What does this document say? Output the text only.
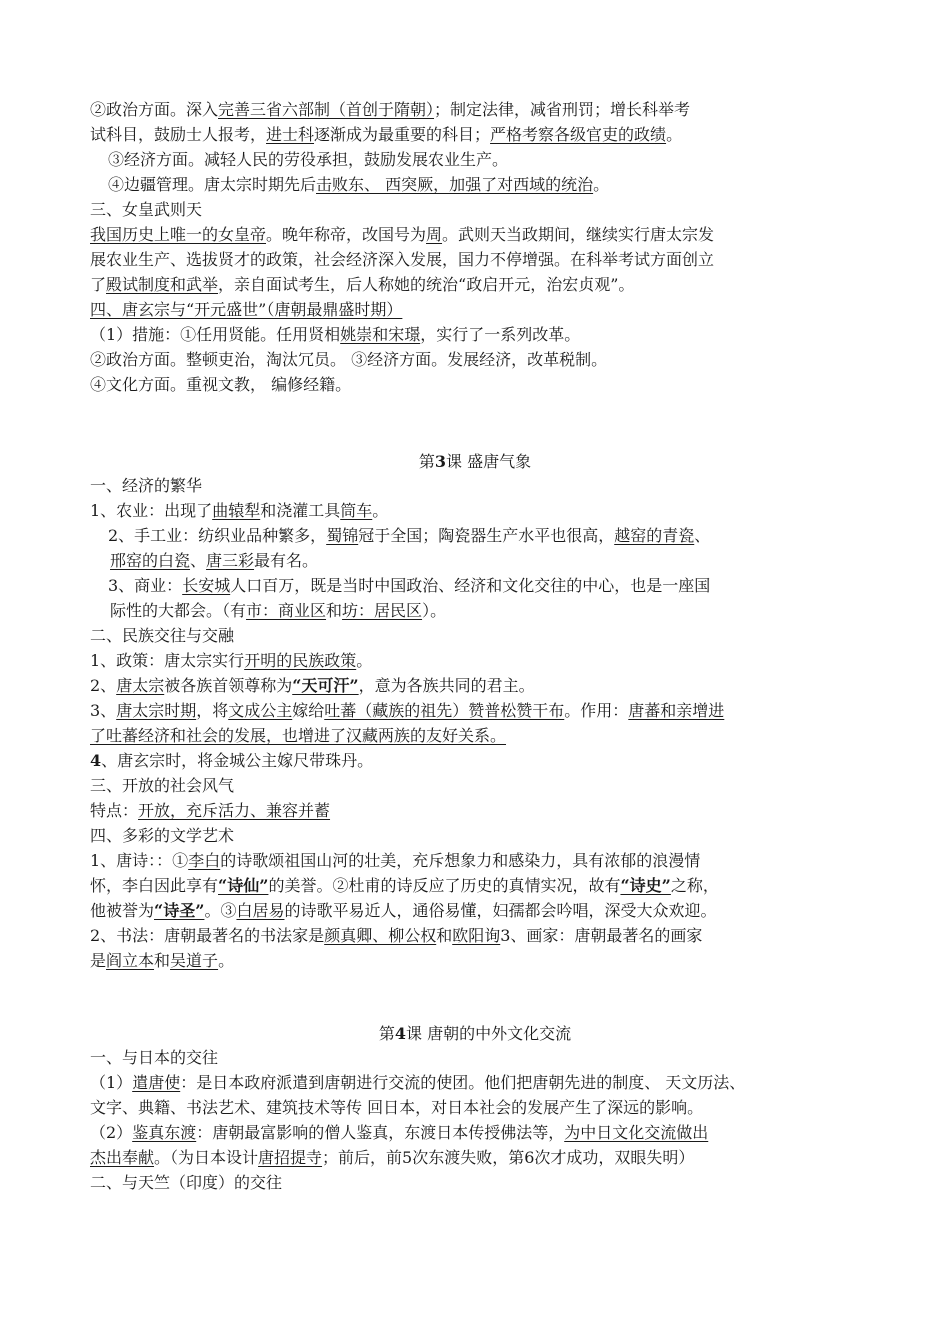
②政治方面。深入完善三省六部制（首创于隋朝）；制定法律，减省刑罚；增长科举考
试科目，鼓励士人报考，进士科逐渐成为最重要的科目；严格考察各级官吏的政绩。
③经济方面。减轻人民的劳役承担，鼓励发展农业生产。
④边疆管理。唐太宗时期先后击败东、 西突厥，加强了对西域的统治。
三、女皇武则天
我国历史上唯一的女皇帝。晚年称帝，改国号为周。武则天当政期间，继续实行唐太宗发
展农业生产、选拔贤才的政策，社会经济深入发展，国力不停增强。在科举考试方面创立
了殿试制度和武举，亲自面试考生，后人称她的统治“政启开元，治宏贞观”。
四、唐玄宗与“开元盛世”（唐朝最鼎盛时期）
（1）措施：①任用贤能。任用贤相姚崇和宋璟，实行了一系列改革。
②政治方面。整顿吏治，淘汰冗员。 ③经济方面。发展经济，改革税制。
④文化方面。重视文教， 编修经籍。
第3课 盛唐气象
一、经济的繁华
1、农业：出现了曲辕犁和浇灌工具筒车。
2、手工业：纺织业品种繁多，蜀锦冠于全国；陶瓷器生产水平也很高，越窑的青瓷、
邢窑的白瓷、唐三彩最有名。
3、商业：长安城人口百万，既是当时中国政治、经济和文化交往的中心，也是一座国
际性的大都会。（有市：商业区和坊：居民区）。
二、民族交往与交融
1、政策：唐太宗实行开明的民族政策。
2、唐太宗被各族首领尊称为“天可汗”，意为各族共同的君主。
3、唐太宗时期，将文成公主嫁给吐蕃（藏族的祖先）赞普松赞干布。作用：唐蕃和亲增进
了吐蕃经济和社会的发展，也增进了汉藏两族的友好关系。
4、唐玄宗时，将金城公主嫁尺带珠丹。
三、开放的社会风气
特点：开放，充斥活力、兼容并蓄
四、多彩的文学艺术
1、唐诗：：①李白的诗歌颂祖国山河的壮美，充斥想象力和感染力，具有浓郁的浪漫情
怀，李白因此享有“诗仙”的美誉。②杜甫的诗反应了历史的真情实况，故有“诗史”之称，
他被誉为“诗圣”。③白居易的诗歌平易近人，通俗易懂，妇孺都会吟唱，深受大众欢迎。
2、书法：唐朝最著名的书法家是颜真卿、柳公权和欧阳询3、画家：唐朝最著名的画家
是阎立本和吴道子。
第4课 唐朝的中外文化交流
一、与日本的交往
（1）遣唐使：是日本政府派遣到唐朝进行交流的使团。他们把唐朝先进的制度、 天文历法、
文字、典籍、书法艺术、建筑技术等传 回日本，对日本社会的发展产生了深远的影响。
（2）鉴真东渡：唐朝最富影响的僧人鉴真，东渡日本传授佛法等，为中日文化交流做出
杰出奉献。（为日本设计唐招提寺；前后，前5次东渡失败，第6次才成功，双眼失明）
二、与天竺（印度）的交往
